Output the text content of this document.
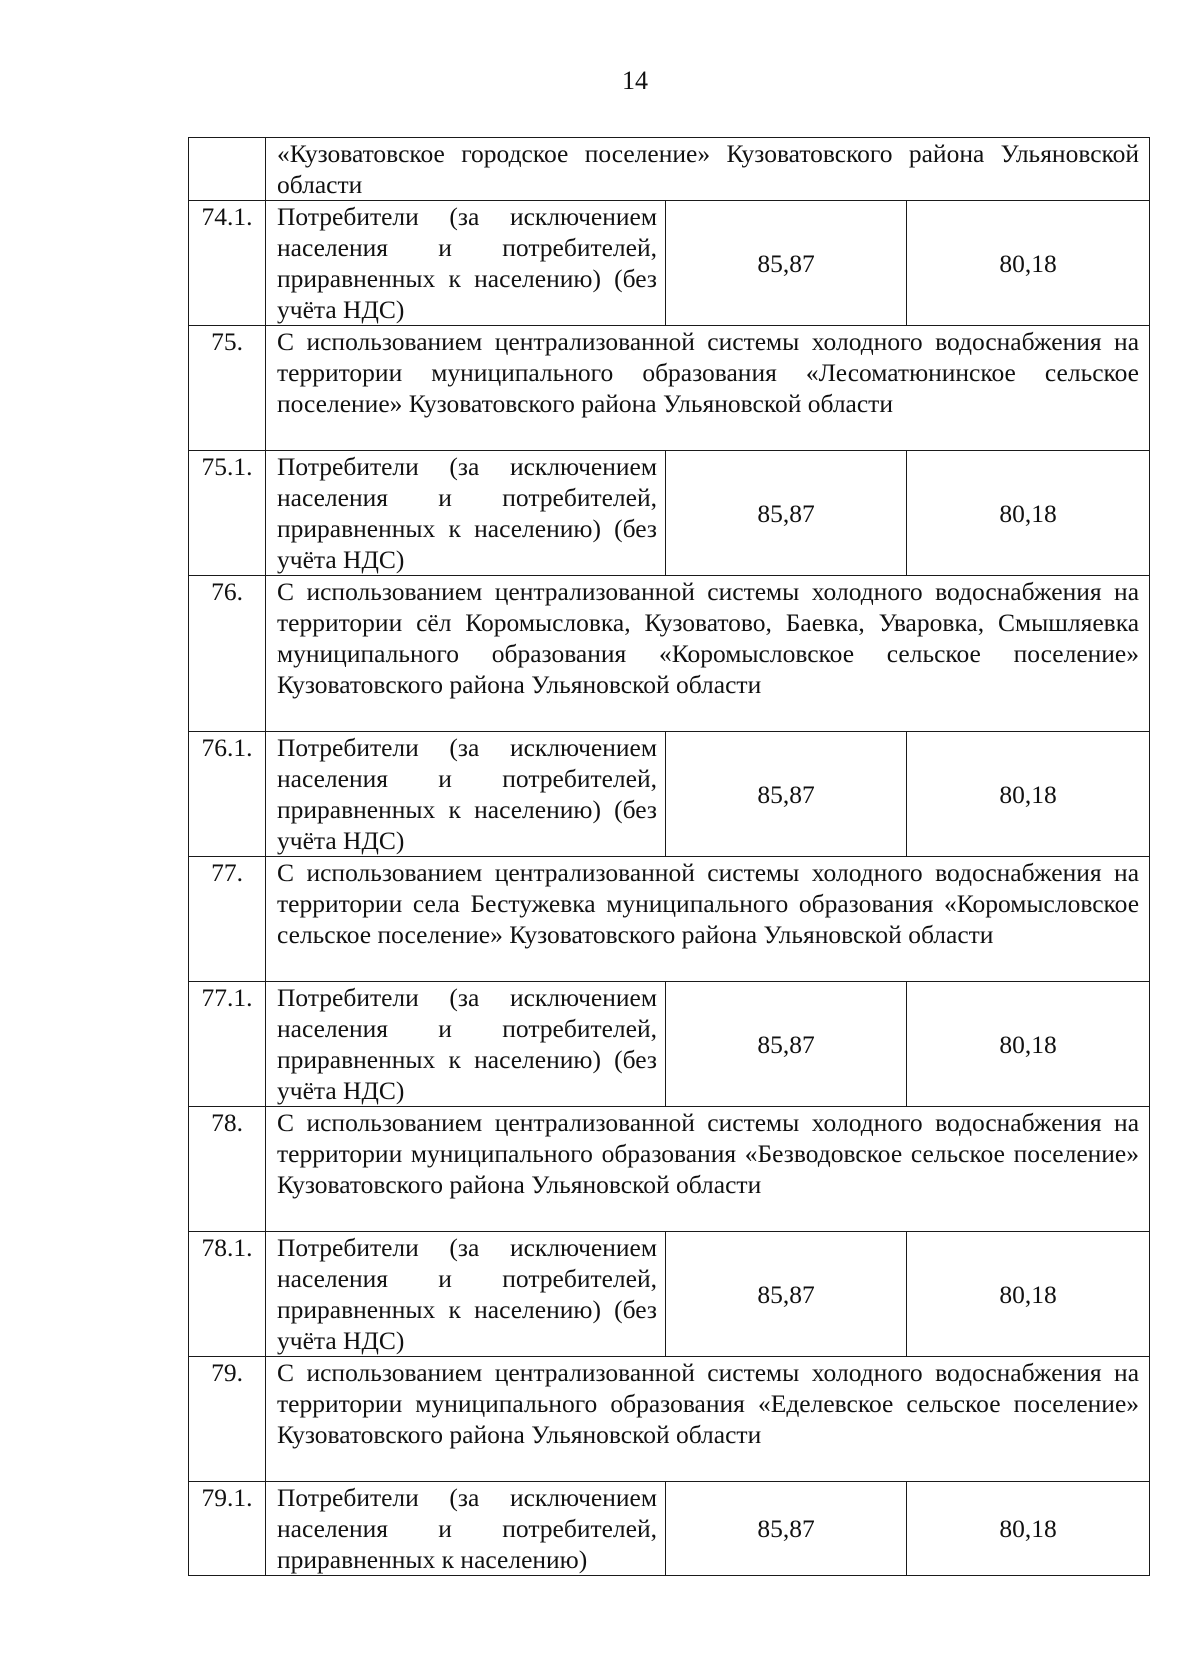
14
	«Кузоватовское городское поселение» Кузоватовского района Ульяновской области		
74.1.	Потребители (за исключением населения и потребителей, приравненных к населению) (без учёта НДС)	85,87	80,18
75.	С использованием централизованной системы холодного водоснабжения на территории муниципального образования «Лесоматюнинское сельское поселение» Кузоватовского района Ульяновской области		
75.1.	Потребители (за исключением населения и потребителей, приравненных к населению) (без учёта НДС)	85,87	80,18
76.	С использованием централизованной системы холодного водоснабжения на территории сёл Коромысловка, Кузоватово, Баевка, Уваровка, Смышляевка муниципального образования «Коромысловское сельское поселение» Кузоватовского района Ульяновской области		
76.1.	Потребители (за исключением населения и потребителей, приравненных к населению) (без учёта НДС)	85,87	80,18
77.	С использованием централизованной системы холодного водоснабжения на территории села Бестужевка муниципального образования «Коромысловское сельское поселение» Кузоватовского района Ульяновской области		
77.1.	Потребители (за исключением населения и потребителей, приравненных к населению) (без учёта НДС)	85,87	80,18
78.	С использованием централизованной системы холодного водоснабжения на территории муниципального образования «Безводовское сельское поселение» Кузоватовского района Ульяновской области		
78.1.	Потребители (за исключением населения и потребителей, приравненных к населению) (без учёта НДС)	85,87	80,18
79.	С использованием централизованной системы холодного водоснабжения на территории муниципального образования «Еделевское сельское поселение» Кузоватовского района Ульяновской области		
79.1.	Потребители (за исключением населения и потребителей, приравненных к населению)	85,87	80,18
